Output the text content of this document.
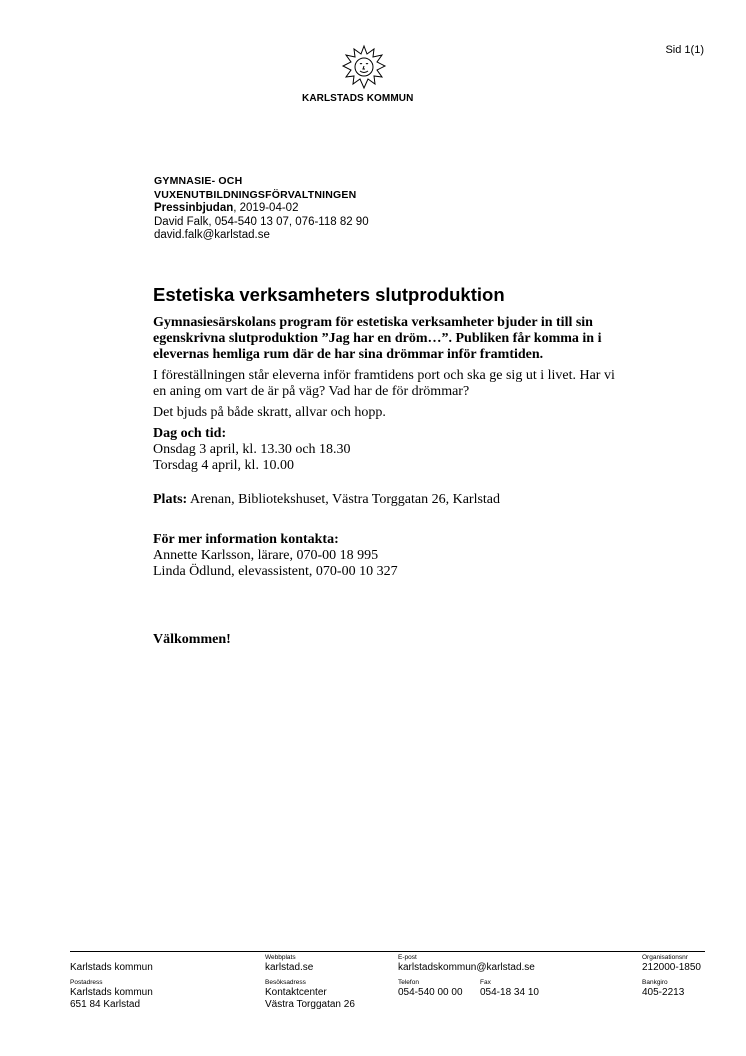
Sid 1(1)
KARLSTADS KOMMUN
GYMNASIE- OCH
VUXENUTBILDNINGSFÖRVALTNINGEN
Pressinbjudan, 2019-04-02
David Falk, 054-540 13 07, 076-118 82 90
david.falk@karlstad.se
Estetiska verksamheters slutproduktion

Gymnasiesärskolans program för estetiska verksamheter bjuder in till sin egenskrivna slutproduktion ”Jag har en dröm…”. Publiken får komma in i elevernas hemliga rum där de har sina drömmar inför framtiden.

I föreställningen står eleverna inför framtidens port och ska ge sig ut i livet. Har vi en aning om vart de är på väg? Vad har de för drömmar?

Det bjuds på både skratt, allvar och hopp.

Dag och tid:

Onsdag 3 april, kl. 13.30 och 18.30

Torsdag 4 april, kl. 10.00

Plats: Arenan, Bibliotekshuset, Västra Torggatan 26, Karlstad

För mer information kontakta:

Annette Karlsson, lärare, 070-00 18 995

Linda Ödlund, elevassistent, 070-00 10 327

Välkommen!

Karlstads kommun
Webbplats
karlstad.se
E-post
karlstadskommun@karlstad.se
Organisationsnr
212000-1850
Postadress
Karlstads kommun
651 84 Karlstad
Besöksadress
Kontaktcenter
Västra Torggatan 26
Telefon
054-540 00 00
Fax
054-18 34 10
Bankgiro
405-2213
